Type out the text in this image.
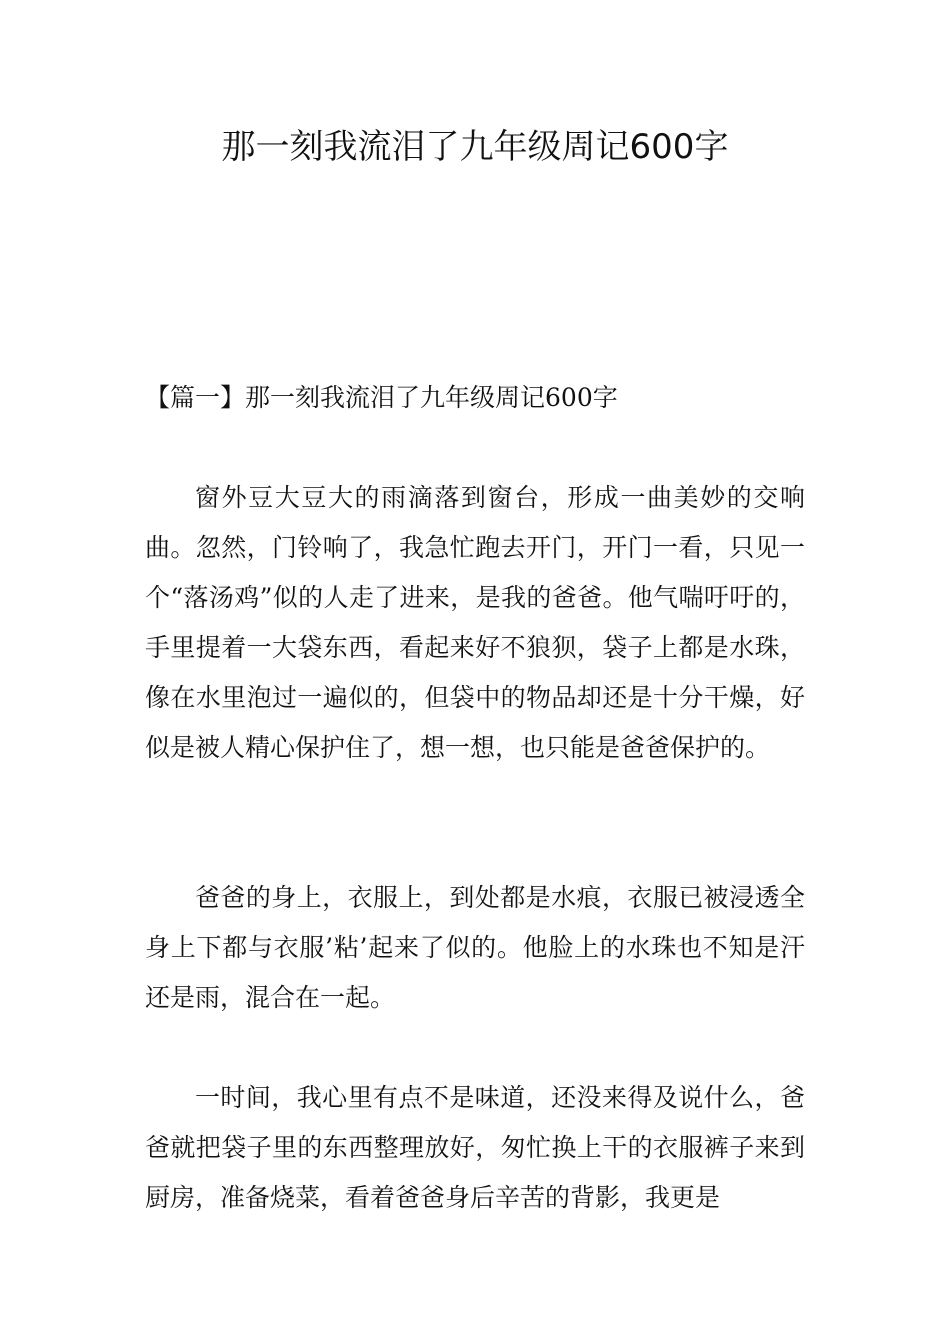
那一刻我流泪了九年级周记600字

【篇一】那一刻我流泪了九年级周记600字

窗外豆大豆大的雨滴落到窗台，形成一曲美妙的交响曲。忽然，门铃响了，我急忙跑去开门，开门一看，只见一个“落汤鸡”似的人走了进来，是我的爸爸。他气喘吁吁的，手里提着一大袋东西，看起来好不狼狈，袋子上都是水珠，像在水里泡过一遍似的，但袋中的物品却还是十分干燥，好似是被人精心保护住了，想一想，也只能是爸爸保护的。

爸爸的身上，衣服上，到处都是水痕，衣服已被浸透全身上下都与衣服’粘’起来了似的。他脸上的水珠也不知是汗还是雨，混合在一起。

一时间，我心里有点不是味道，还没来得及说什么，爸爸就把袋子里的东西整理放好，匆忙换上干的衣服裤子来到厨房，准备烧菜，看着爸爸身后辛苦的背影，我更是
